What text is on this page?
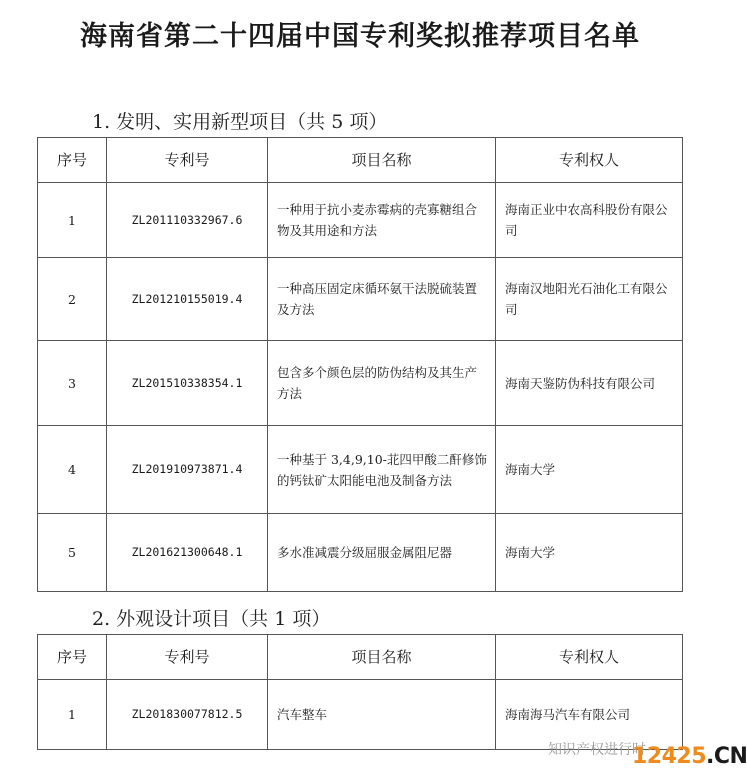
海南省第二十四届中国专利奖拟推荐项目名单
1. 发明、实用新型项目（共 5 项）
序号	专利号	项目名称	专利权人
1	ZL201110332967.6	一种用于抗小麦赤霉病的壳寡糖组合物及其用途和方法	海南正业中农高科股份有限公司
2	ZL201210155019.4	一种高压固定床循环氨干法脱硫装置及方法	海南汉地阳光石油化工有限公司
3	ZL201510338354.1	包含多个颜色层的防伪结构及其生产方法	海南天鉴防伪科技有限公司
4	ZL201910973871.4	一种基于 3,4,9,10-苝四甲酸二酐修饰的钙钛矿太阳能电池及制备方法	海南大学
5	ZL201621300648.1	多水准减震分级屈服金属阻尼器	海南大学
2. 外观设计项目（共 1 项）
序号	专利号	项目名称	专利权人
1	ZL201830077812.5	汽车整车	海南海马汽车有限公司
知识产权进行时
12425.CN
